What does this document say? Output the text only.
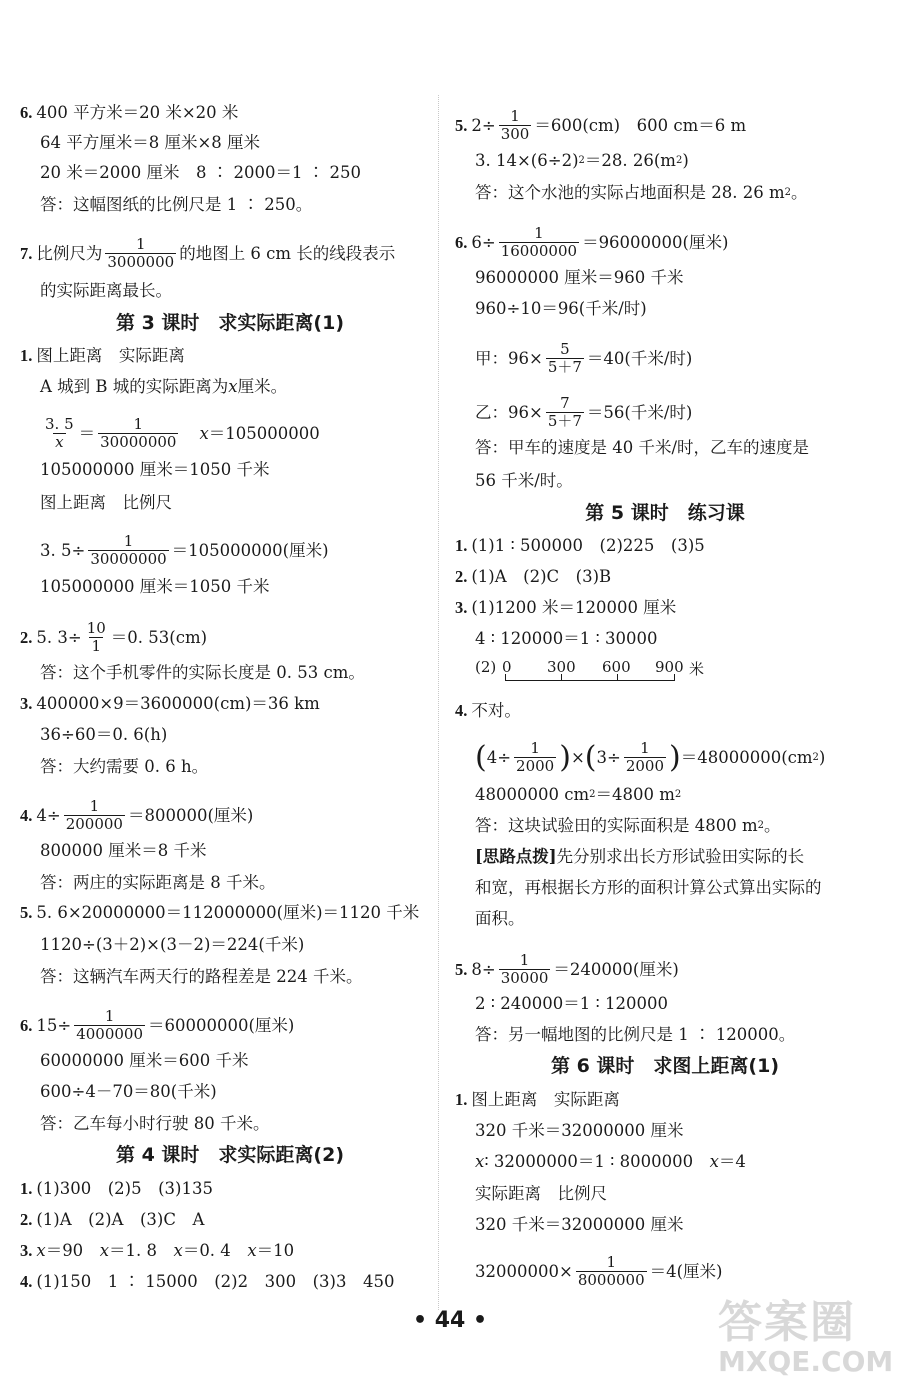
6. 400 平方米＝20 米×20 米
64 平方厘米＝8 厘米×8 厘米
20 米＝2000 厘米　8 ∶ 2000＝1 ∶ 250
答：这幅图纸的比例尺是 1 ∶ 250。
7. 比例尺为 $\frac{1}{3000000}$ 的地图上 6 cm 长的线段表示
的实际距离最长。
第 3 课时　求实际距离(1)
1. 图上距离　实际距离
A 城到 B 城的实际距离为 x 厘米。
$\frac{3. 5}{x} = \frac{1}{30000000} x=105000000$
105000000 厘米＝1050 千米
图上距离　比例尺
3. $5\div \frac{1}{30000000} =105000000$(厘米)
105000000 厘米＝1050 千米
2. 5. $3\div \frac{10}{1} =0$. 53(cm)
答：这个手机零件的实际长度是 0. 53 cm。
3. 400000×9＝3600000(cm)＝36 km
36÷60＝0. 6(h)
答：大约需要 0. 6 h。
4. $4\div \frac{1}{200000} =800000$(厘米)
800000 厘米＝8 千米
答：两庄的实际距离是 8 千米。
5. 5. 6×20000000＝112000000(厘米)＝1120 千米
1120÷(3＋2)×(3－2)＝224(千米)
答：这辆汽车两天行的路程差是 224 千米。
6. $15\div \frac{1}{4000000} =60000000$(厘米)
60000000 厘米＝600 千米
600÷4－70＝80(千米)
答：乙车每小时行驶 80 千米。
第 4 课时　求实际距离(2)
1. (1)300　(2)5　(3)135
2. (1)A　(2)A　(3)C　A
3. x ＝90　 x ＝1. 8　 x ＝0. 4　 x ＝10
4. (1)150　1 ∶ 15000　(2)2　300　(3)3　450
5. $2\div \frac{1}{300} =600(cm)$　600 cm＝6 m
3. 14×(6÷2) 2 ＝28. 26(m 2 )
答：这个水池的实际占地面积是 28. 26 m 2 。
6. $6\div \frac{1}{16000000} =96000000$(厘米)
96000000 厘米＝960 千米
960÷10＝96(千米/时)
甲：$96\times \frac{5}{5+7} =40$(千米/时)
乙：$96\times \frac{7}{5+7} =56$(千米/时)
答：甲车的速度是 40 千米/时，乙车的速度是
56 千米/时。
第 5 课时　练习课
1. (1)1 ∶ 500000　(2)225　(3)5
2. (1)A　(2)C　(3)B
3. (1)1200 米＝120000 厘米
4 ∶ 120000＝1 ∶ 30000
(2) 0 300 600 900 米
4. 不对。
( $4\div \frac{1}{2000}$ ) × ( $3\div \frac{1}{2000}$ ) ＝48000000(cm 2 )
48000000 cm 2 ＝4800 m 2
答：这块试验田的实际面积是 4800 m 2 。
[思路点拨] 先分别求出长方形试验田实际的长
和宽，再根据长方形的面积计算公式算出实际的
面积。
5. $8\div \frac{1}{30000} =240000$(厘米)
2 ∶ 240000＝1 ∶ 120000
答：另一幅地图的比例尺是 1 ∶ 120000。
第 6 课时　求图上距离(1)
1. 图上距离　实际距离
320 千米＝32000000 厘米
x ∶ 32000000＝1 ∶ 8000000　 x ＝4
实际距离　比例尺
320 千米＝32000000 厘米
$32000000\times \frac{1}{8000000} =4$(厘米)
• 44 •	答案圈
MXQE.COM
